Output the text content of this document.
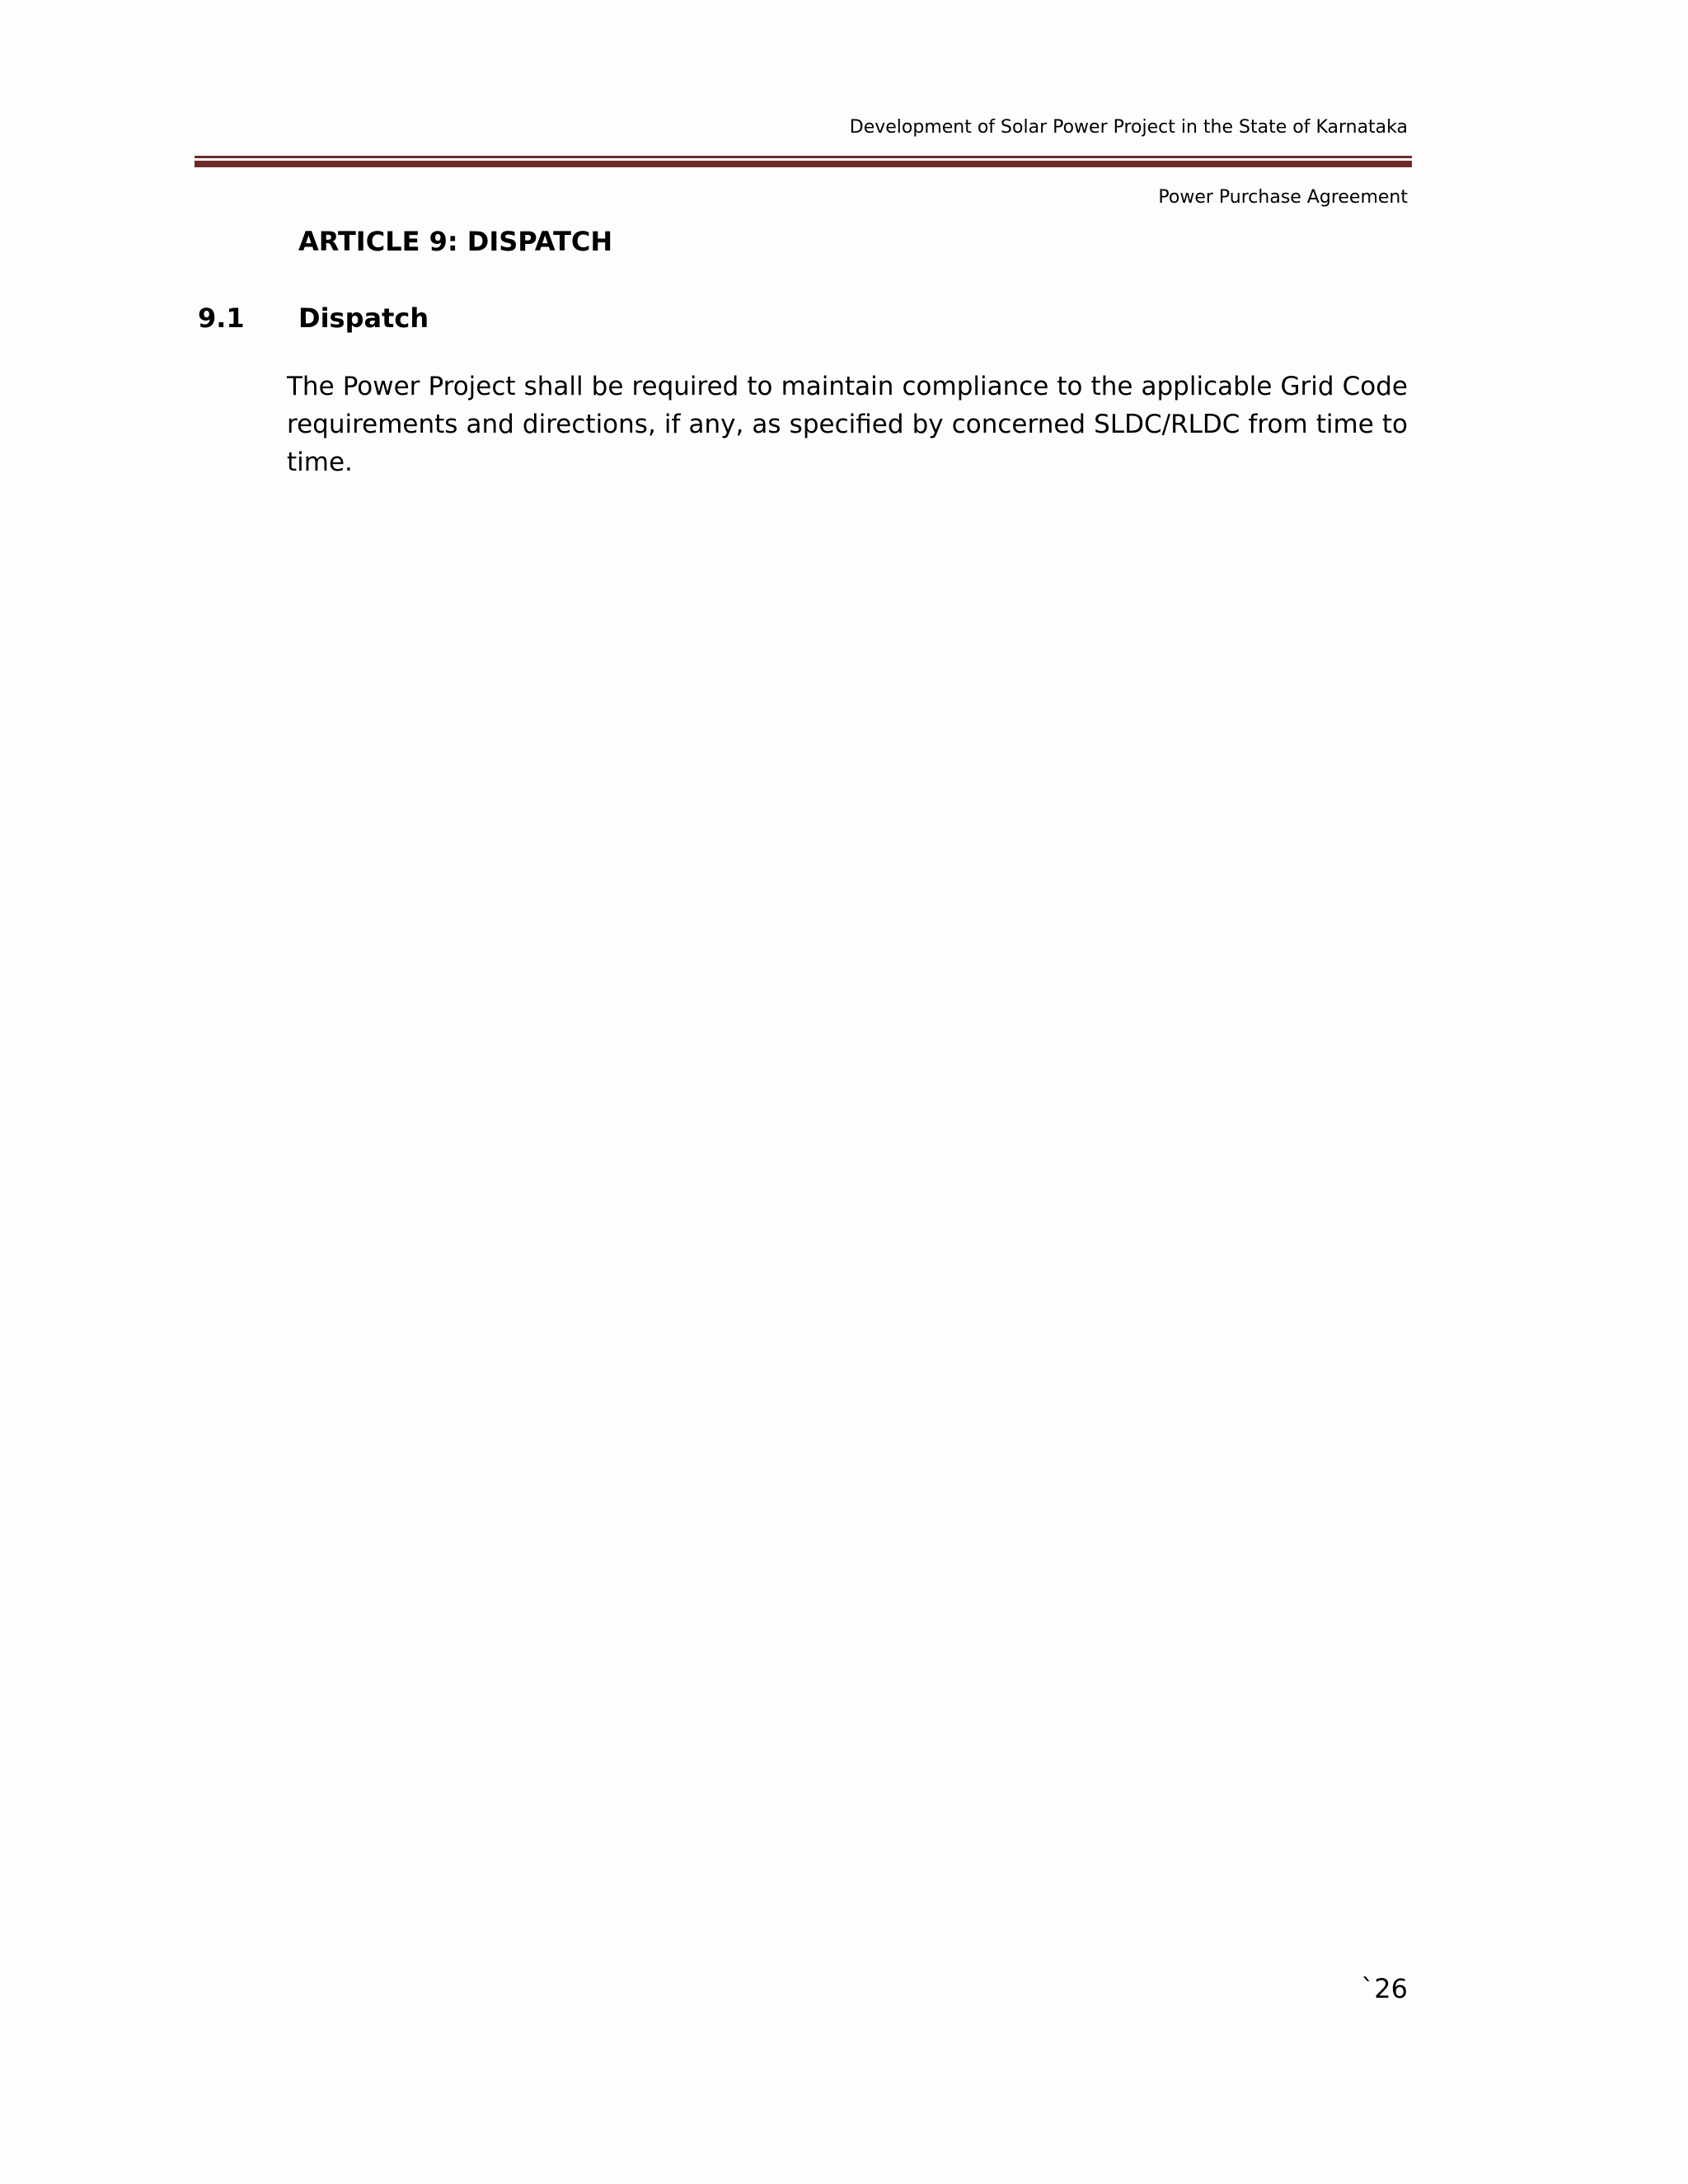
Development of Solar Power Project in the State of Karnataka
Power Purchase Agreement
ARTICLE 9: DISPATCH
9.1 Dispatch
The Power Project shall be required to maintain compliance to the applicable Grid Code requirements and directions, if any, as specified by concerned SLDC/RLDC from time to time.
`26
